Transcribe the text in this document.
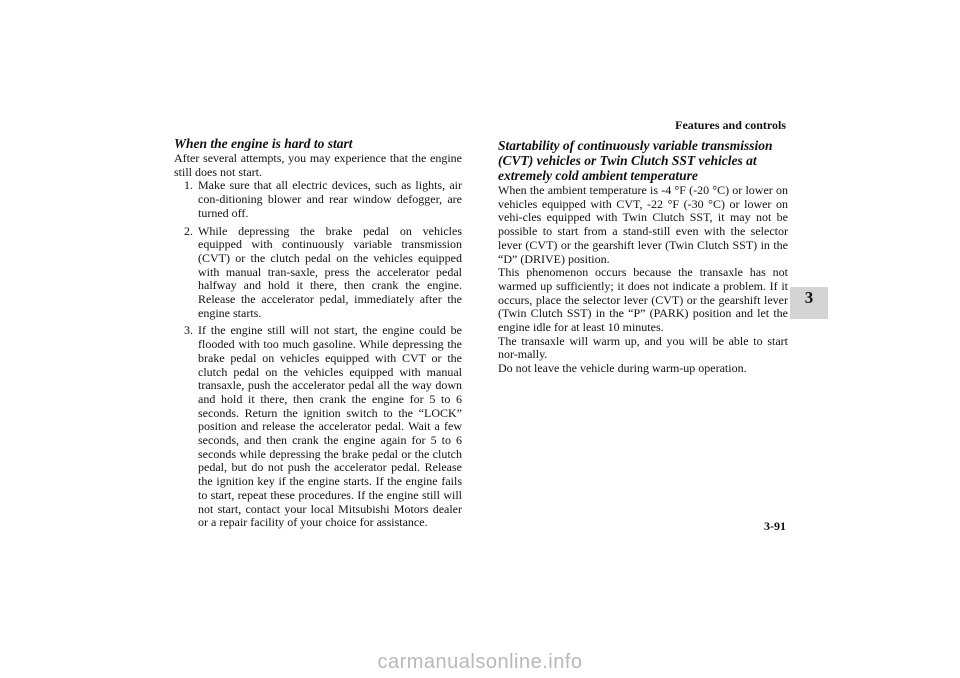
Features and controls
3
When the engine is hard to start

After several attempts, you may experience that the engine still does not start.

1. Make sure that all electric devices, such as lights, air con-ditioning blower and rear window defogger, are turned off.
2. While depressing the brake pedal on vehicles equipped with continuously variable transmission (CVT) or the clutch pedal on the vehicles equipped with manual tran-saxle, press the accelerator pedal halfway and hold it there, then crank the engine. Release the accelerator pedal, immediately after the engine starts.
3. If the engine still will not start, the engine could be flooded with too much gasoline. While depressing the brake pedal on vehicles equipped with CVT or the clutch pedal on the vehicles equipped with manual transaxle, push the accelerator pedal all the way down and hold it there, then crank the engine for 5 to 6 seconds. Return the ignition switch to the “LOCK” position and release the accelerator pedal. Wait a few seconds, and then crank the engine again for 5 to 6 seconds while depressing the brake pedal or the clutch pedal, but do not push the accelerator pedal. Release the ignition key if the engine starts. If the engine fails to start, repeat these procedures. If the engine still will not start, contact your local Mitsubishi Motors dealer or a repair facility of your choice for assistance.
Startability of continuously variable transmission (CVT) vehicles or Twin Clutch SST vehicles at extremely cold ambient temperature

When the ambient temperature is -4 °F (-20 °C) or lower on vehicles equipped with CVT, -22 °F (-30 °C) or lower on vehi-cles equipped with Twin Clutch SST, it may not be possible to start from a stand-still even with the selector lever (CVT) or the gearshift lever (Twin Clutch SST) in the “D” (DRIVE) position.

This phenomenon occurs because the transaxle has not warmed up sufficiently; it does not indicate a problem. If it occurs, place the selector lever (CVT) or the gearshift lever (Twin Clutch SST) in the “P” (PARK) position and let the engine idle for at least 10 minutes.

The transaxle will warm up, and you will be able to start nor-mally.

Do not leave the vehicle during warm-up operation.

3-91
carmanualsonline.info
